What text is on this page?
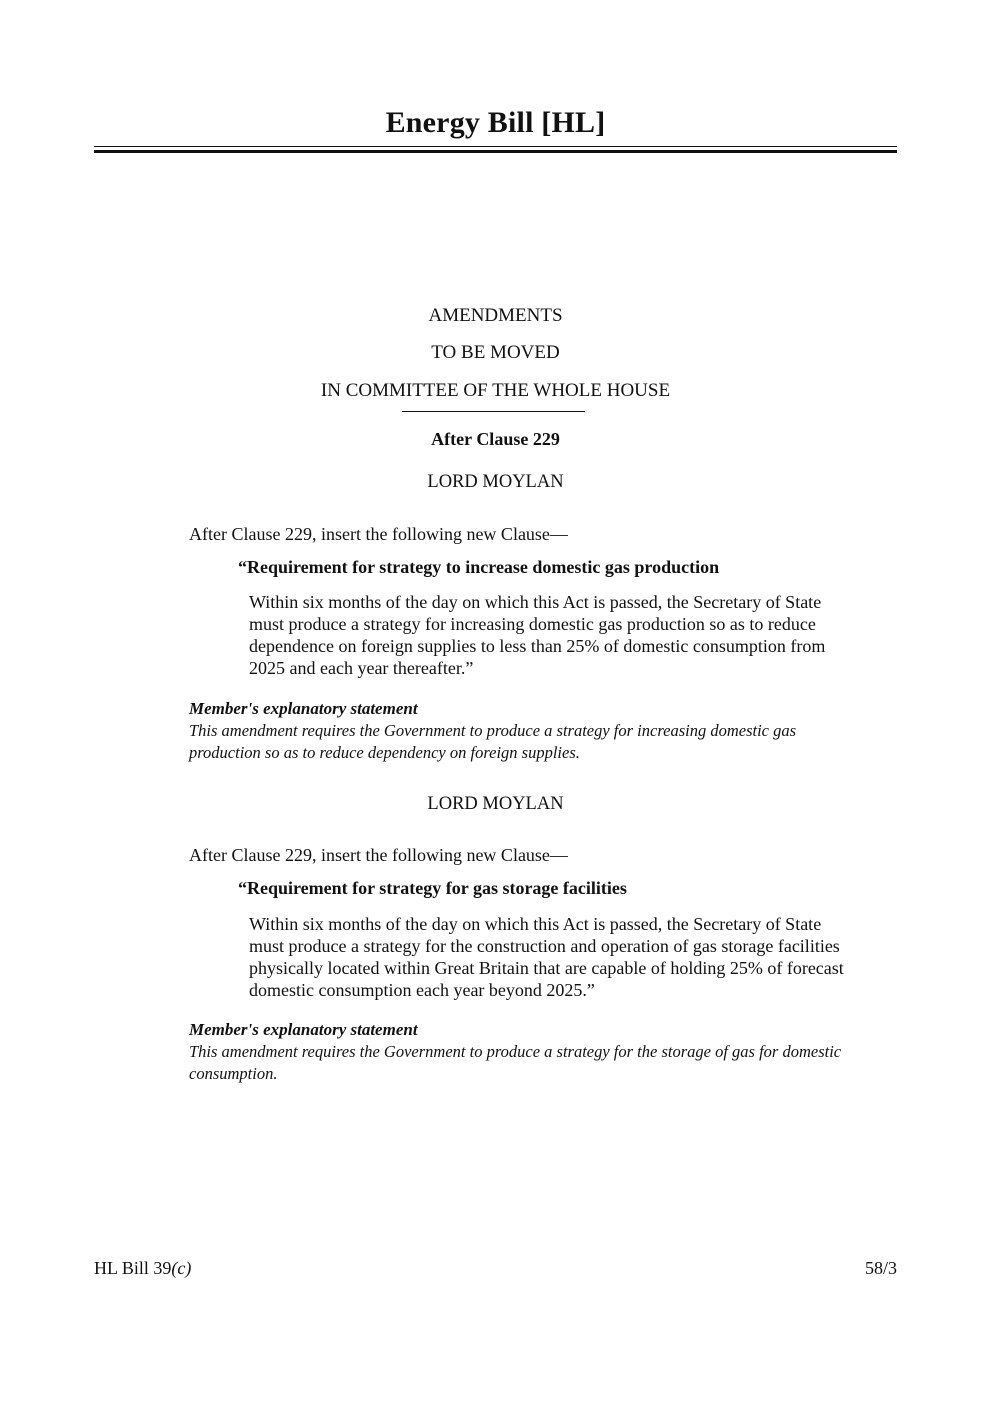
Energy Bill [HL]
AMENDMENTS
TO BE MOVED
IN COMMITTEE OF THE WHOLE HOUSE
After Clause 229
LORD MOYLAN
After Clause 229, insert the following new Clause—
“Requirement for strategy to increase domestic gas production
Within six months of the day on which this Act is passed, the Secretary of State
must produce a strategy for increasing domestic gas production so as to reduce
dependence on foreign supplies to less than 25% of domestic consumption from
2025 and each year thereafter.”
Member's explanatory statement
This amendment requires the Government to produce a strategy for increasing domestic gas
production so as to reduce dependency on foreign supplies.
LORD MOYLAN
After Clause 229, insert the following new Clause—
“Requirement for strategy for gas storage facilities
Within six months of the day on which this Act is passed, the Secretary of State
must produce a strategy for the construction and operation of gas storage facilities
physically located within Great Britain that are capable of holding 25% of forecast
domestic consumption each year beyond 2025.”
Member's explanatory statement
This amendment requires the Government to produce a strategy for the storage of gas for domestic
consumption.
HL Bill 39(c)	58/3
